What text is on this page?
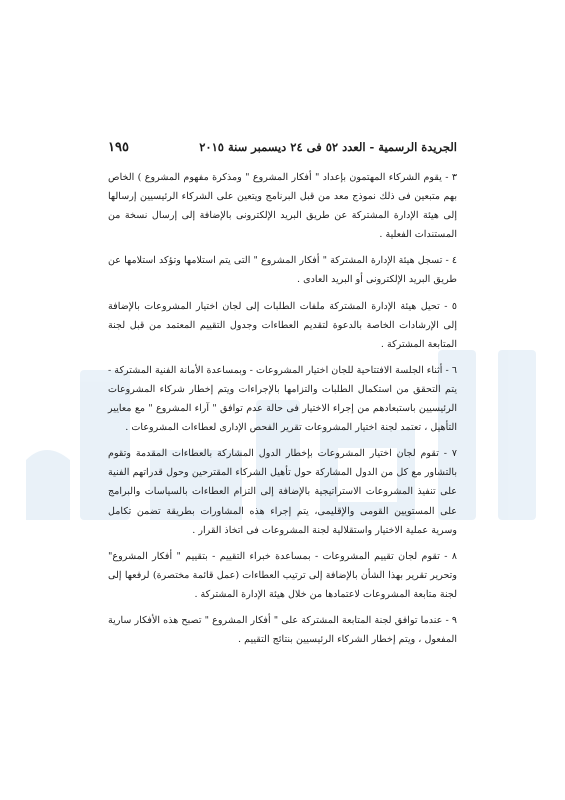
الجريدة الرسمية - العدد ٥٢ فى ٢٤ ديسمبر سنة ٢٠١٥
١٩٥

٣ - يقوم الشركاء المهتمون بإعداد " أفكار المشروع " ومذكرة مفهوم المشروع ) الخاص بهم متبعين فى ذلك نموذج معد من قبل البرنامج ويتعين على الشركاء الرئيسيين إرسالها إلى هيئة الإدارة المشتركة عن طريق البريد الإلكترونى بالإضافة إلى إرسال نسخة من المستندات الفعلية .

٤ - تسجل هيئة الإدارة المشتركة " أفكار المشروع " التى يتم استلامها وتؤكد استلامها عن طريق البريد الإلكترونى أو البريد العادى .

٥ - تحيل هيئة الإدارة المشتركة ملفات الطلبات إلى لجان اختيار المشروعات بالإضافة إلى الإرشادات الخاصة بالدعوة لتقديم العطاءات وجدول التقييم المعتمد من قبل لجنة المتابعة المشتركة .

٦ - أثناء الجلسة الافتتاحية للجان اختيار المشروعات - وبمساعدة الأمانة الفنية المشتركة - يتم التحقق من استكمال الطلبات والتزامها بالإجراءات ويتم إخطار شركاء المشروعات الرئيسيين باستبعادهم من إجراء الاختيار فى حالة عدم توافق " آراء المشروع " مع معايير التأهيل ، تعتمد لجنة اختيار المشروعات تقرير الفحص الإدارى لعطاءات المشروعات .

٧ - تقوم لجان اختيار المشروعات بإخطار الدول المشاركة بالعطاءات المقدمة وتقوم بالتشاور مع كل من الدول المشاركة حول تأهيل الشركاء المقترحين وحول قدراتهم الفنية على تنفيذ المشروعات الاستراتيجية بالإضافة إلى التزام العطاءات بالسياسات والبرامج على المستويين القومى والإقليمى، يتم إجراء هذه المشاورات بطريقة تضمن تكامل وسرية عملية الاختيار واستقلالية لجنة المشروعات فى اتخاذ القرار .

٨ - تقوم لجان تقييم المشروعات - بمساعدة خبراء التقييم - بتقييم " أفكار المشروع" وتحرير تقرير بهذا الشأن بالإضافة إلى ترتيب العطاءات (عمل قائمة مختصرة) لرفعها إلى لجنة متابعة المشروعات لاعتمادها من خلال هيئة الإدارة المشتركة .

٩ - عندما توافق لجنة المتابعة المشتركة على " أفكار المشروع " تصبح هذه الأفكار سارية المفعول ، ويتم إخطار الشركاء الرئيسيين بنتائج التقييم .
